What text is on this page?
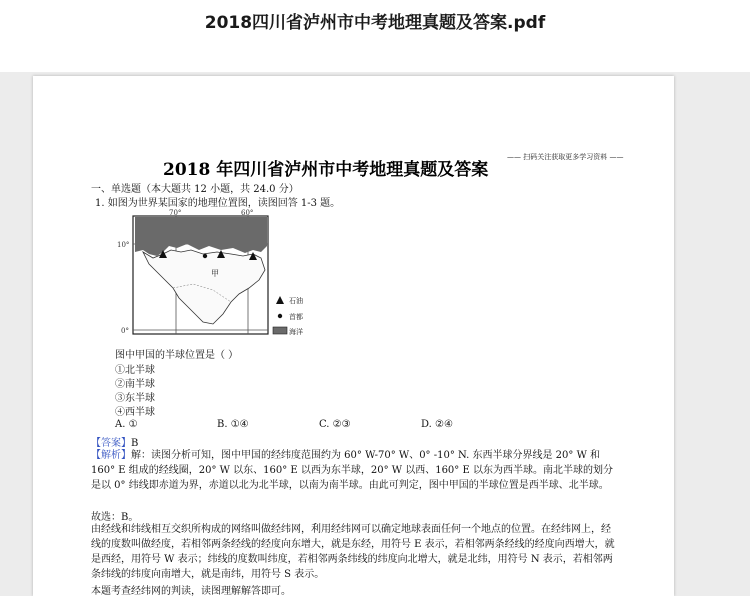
2018四川省泸州市中考地理真题及答案.pdf
2018 年四川省泸州市中考地理真题及答案
—— 扫码关注获取更多学习资料 ——
一、单选题（本大题共 12 小题，共 24.0 分）
1. 如图为世界某国家的地理位置图，读图回答 1-3 题。
甲
70°	60°
10°
0°
石油
首都
海洋
图中甲国的半球位置是（ ）
①北半球
②南半球
③东半球
④西半球
A. ①	B. ①④	C. ②③	D. ②④
【答案】B
【解析】解：读图分析可知，图中甲国的经纬度范围约为 60° W-70° W、0° -10° N. 东西半球分界线是 20° W 和 160° E 组成的经线圈，20° W 以东、160° E 以西为东半球，20° W 以西、160° E 以东为西半球。南北半球的划分是以 0° 纬线即赤道为界，赤道以北为北半球，以南为南半球。由此可判定，图中甲国的半球位置是西半球、北半球。
故选：B。
由经线和纬线相互交织所构成的网络叫做经纬网，利用经纬网可以确定地球表面任何一个地点的位置。在经纬网上，经线的度数叫做经度，若相邻两条经线的经度向东增大，就是东经，用符号 E 表示，若相邻两条经线的经度向西增大，就是西经，用符号 W 表示；纬线的度数叫纬度，若相邻两条纬线的纬度向北增大，就是北纬，用符号 N 表示，若相邻两条纬线的纬度向南增大，就是南纬，用符号 S 表示。
本题考查经纬网的判读，读图理解解答即可。
